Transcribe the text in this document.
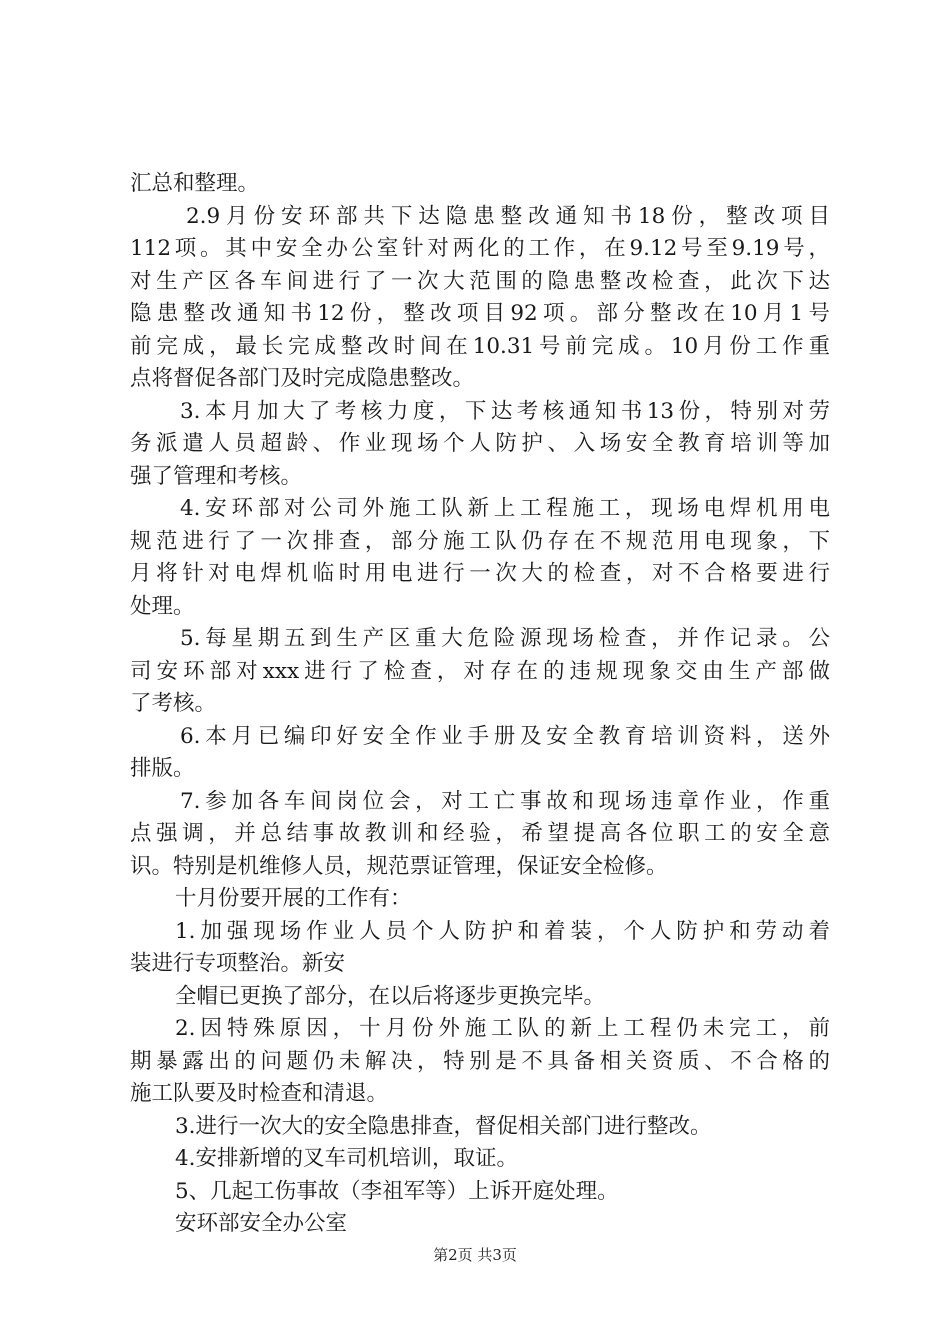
汇总和整理。
2.9月份安环部共下达隐患整改通知书18份，整改项目
112项。其中安全办公室针对两化的工作，在9.12号至9.19号，
对生产区各车间进行了一次大范围的隐患整改检查，此次下达
隐患整改通知书12份，整改项目92项。部分整改在10月1号
前完成，最长完成整改时间在10.31号前完成。10月份工作重
点将督促各部门及时完成隐患整改。
3.本月加大了考核力度，下达考核通知书13份，特别对劳
务派遣人员超龄、作业现场个人防护、入场安全教育培训等加
强了管理和考核。
4.安环部对公司外施工队新上工程施工，现场电焊机用电
规范进行了一次排查，部分施工队仍存在不规范用电现象，下
月将针对电焊机临时用电进行一次大的检查，对不合格要进行
处理。
5.每星期五到生产区重大危险源现场检查，并作记录。公
司安环部对xxx进行了检查，对存在的违规现象交由生产部做
了考核。
6.本月已编印好安全作业手册及安全教育培训资料，送外
排版。
7.参加各车间岗位会，对工亡事故和现场违章作业，作重
点强调，并总结事故教训和经验，希望提高各位职工的安全意
识。特别是机维修人员，规范票证管理，保证安全检修。
十月份要开展的工作有：
1.加强现场作业人员个人防护和着装，个人防护和劳动着
装进行专项整治。新安
全帽已更换了部分，在以后将逐步更换完毕。
2.因特殊原因，十月份外施工队的新上工程仍未完工，前
期暴露出的问题仍未解决，特别是不具备相关资质、不合格的
施工队要及时检查和清退。
3.进行一次大的安全隐患排查，督促相关部门进行整改。
4.安排新增的叉车司机培训，取证。
5、几起工伤事故（李祖军等）上诉开庭处理。
安环部安全办公室
第2页 共3页
